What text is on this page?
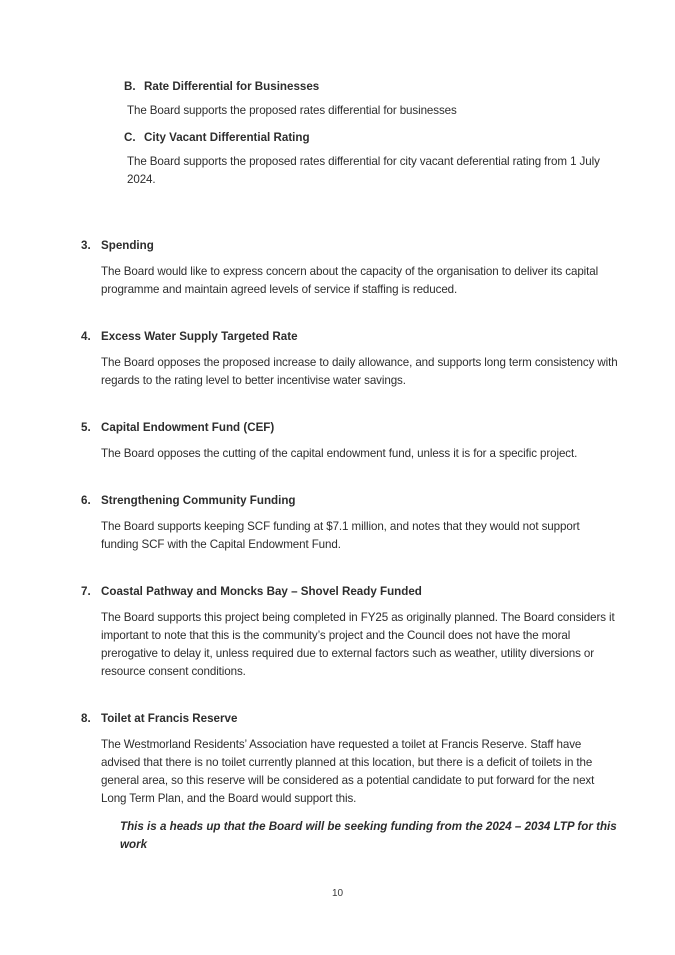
B. Rate Differential for Businesses
The Board supports the proposed rates differential for businesses
C. City Vacant Differential Rating
The Board supports the proposed rates differential for city vacant deferential rating from 1 July 2024.
3. Spending
The Board would like to express concern about the capacity of the organisation to deliver its capital programme and maintain agreed levels of service if staffing is reduced.
4. Excess Water Supply Targeted Rate
The Board opposes the proposed increase to daily allowance, and supports long term consistency with regards to the rating level to better incentivise water savings.
5. Capital Endowment Fund (CEF)
The Board opposes the cutting of the capital endowment fund, unless it is for a specific project.
6. Strengthening Community Funding
The Board supports keeping SCF funding at $7.1 million, and notes that they would not support funding SCF with the Capital Endowment Fund.
7. Coastal Pathway and Moncks Bay – Shovel Ready Funded
The Board supports this project being completed in FY25 as originally planned. The Board considers it important to note that this is the community’s project and the Council does not have the moral prerogative to delay it, unless required due to external factors such as weather, utility diversions or resource consent conditions.
8. Toilet at Francis Reserve
The Westmorland Residents’ Association have requested a toilet at Francis Reserve. Staff have advised that there is no toilet currently planned at this location, but there is a deficit of toilets in the general area, so this reserve will be considered as a potential candidate to put forward for the next Long Term Plan, and the Board would support this.
This is a heads up that the Board will be seeking funding from the 2024 – 2034 LTP for this work
10
